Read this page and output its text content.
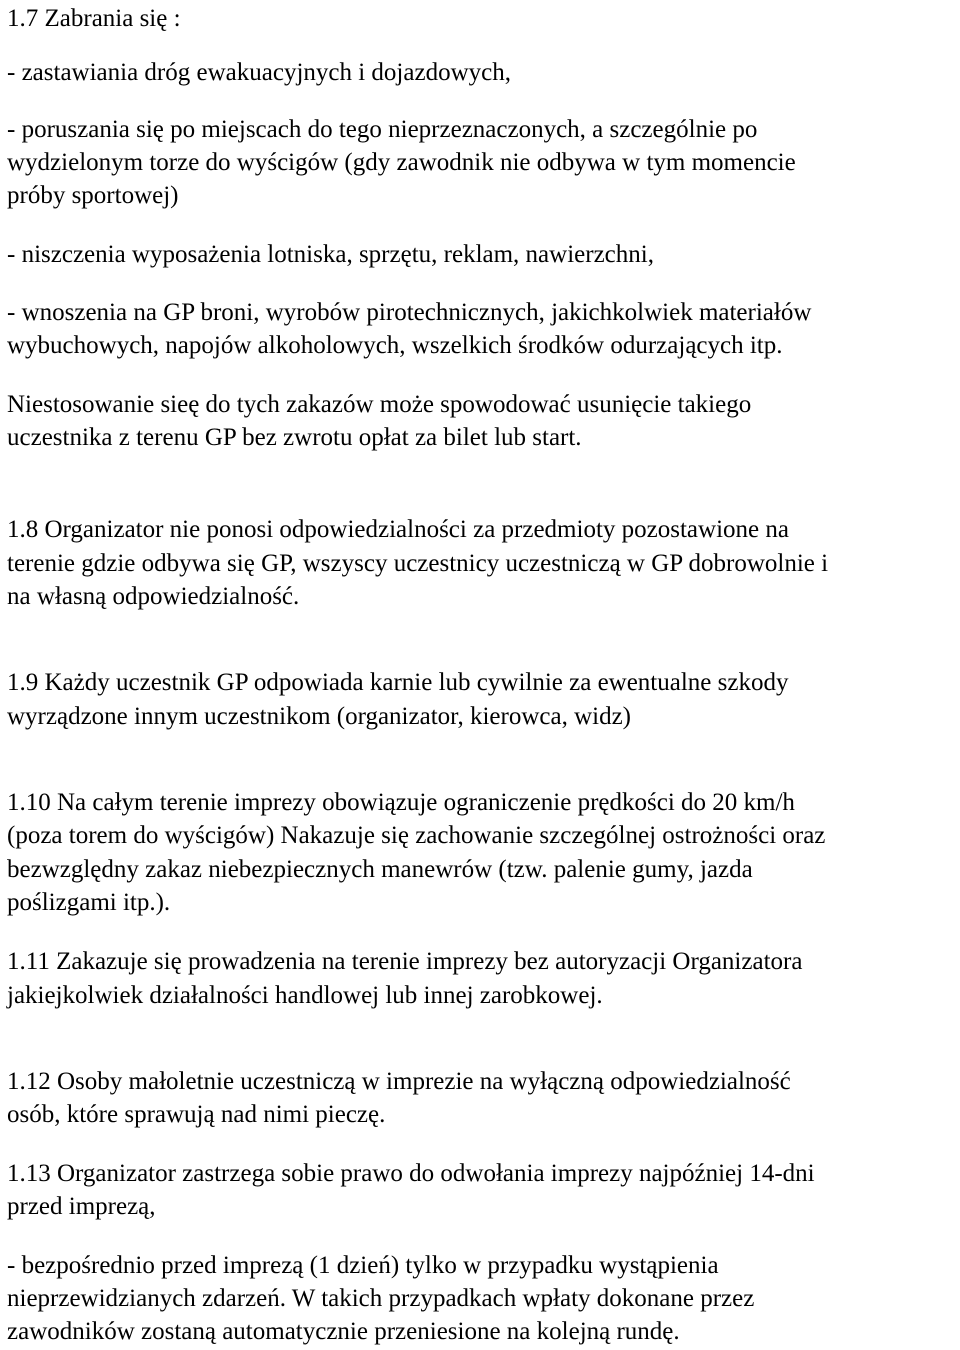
1.7 Zabrania się :
- zastawiania dróg ewakuacyjnych i dojazdowych,
- poruszania się po miejscach do tego nieprzeznaczonych, a szczególnie po
wydzielonym torze do wyścigów (gdy zawodnik nie odbywa w tym momencie
próby sportowej)
- niszczenia wyposażenia lotniska, sprzętu, reklam, nawierzchni,
- wnoszenia na GP broni, wyrobów pirotechnicznych, jakichkolwiek materiałów
wybuchowych, napojów alkoholowych, wszelkich środków odurzających itp.
Niestosowanie sieę do tych zakazów może spowodować usunięcie takiego
uczestnika z terenu GP bez zwrotu opłat za bilet lub start.
1.8 Organizator nie ponosi odpowiedzialności za przedmioty pozostawione na
terenie gdzie odbywa się GP, wszyscy uczestnicy uczestniczą w GP dobrowolnie i
na własną odpowiedzialność.
1.9 Każdy uczestnik GP odpowiada karnie lub cywilnie za ewentualne szkody
wyrządzone innym uczestnikom (organizator, kierowca, widz)
1.10 Na całym terenie imprezy obowiązuje ograniczenie prędkości do 20 km/h
(poza torem do wyścigów) Nakazuje się zachowanie szczególnej ostrożności oraz
bezwzględny zakaz niebezpiecznych manewrów (tzw. palenie gumy, jazda
poślizgami itp.).
1.11 Zakazuje się prowadzenia na terenie imprezy bez autoryzacji Organizatora
jakiejkolwiek działalności handlowej lub innej zarobkowej.
1.12 Osoby małoletnie uczestniczą w imprezie na wyłączną odpowiedzialność
osób, które sprawują nad nimi pieczę.
1.13 Organizator zastrzega sobie prawo do odwołania imprezy najpóźniej 14-dni
przed imprezą,
- bezpośrednio przed imprezą (1 dzień) tylko w przypadku wystąpienia
nieprzewidzianych zdarzeń. W takich przypadkach wpłaty dokonane przez
zawodników zostaną automatycznie przeniesione na kolejną rundę.
